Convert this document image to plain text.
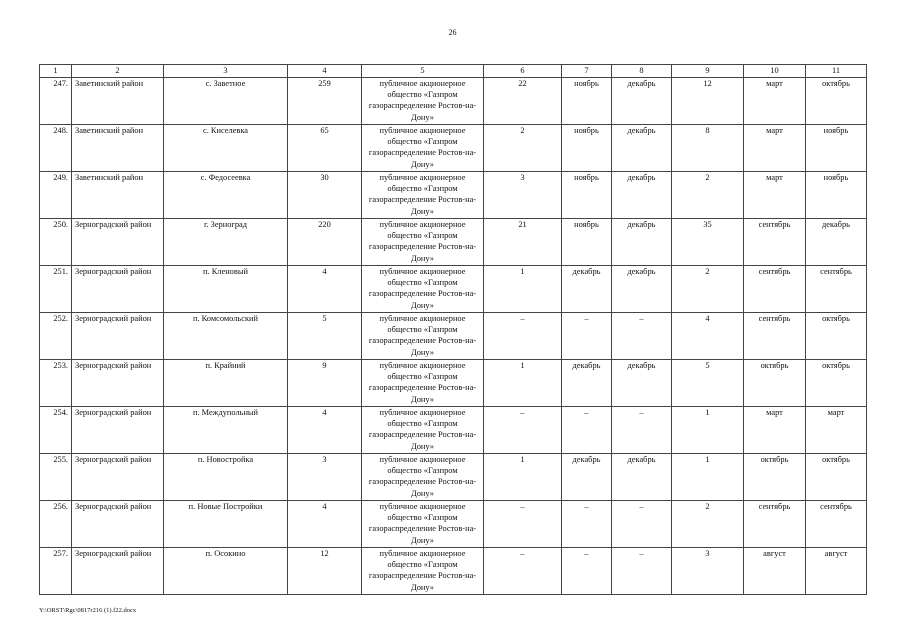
26
1	2	3	4	5	6	7	8	9	10	11
247.	Заветинский район	с. Заветное	259	публичное акционерное общество «Газпром газораспределение Ростов-на-Дону»	22	ноябрь	декабрь	12	март	октябрь
248.	Заветинский район	с. Киселевка	65	публичное акционерное общество «Газпром газораспределение Ростов-на-Дону»	2	ноябрь	декабрь	8	март	ноябрь
249.	Заветинский район	с. Федосеевка	30	публичное акционерное общество «Газпром газораспределение Ростов-на-Дону»	3	ноябрь	декабрь	2	март	ноябрь
250.	Зерноградский район	г. Зерноград	220	публичное акционерное общество «Газпром газораспределение Ростов-на-Дону»	21	ноябрь	декабрь	35	сентябрь	декабрь
251.	Зерноградский район	п. Кленовый	4	публичное акционерное общество «Газпром газораспределение Ростов-на-Дону»	1	декабрь	декабрь	2	сентябрь	сентябрь
252.	Зерноградский район	п. Комсомольский	5	публичное акционерное общество «Газпром газораспределение Ростов-на-Дону»	–	–	–	4	сентябрь	октябрь
253.	Зерноградский район	п. Крайний	9	публичное акционерное общество «Газпром газораспределение Ростов-на-Дону»	1	декабрь	декабрь	5	октябрь	октябрь
254.	Зерноградский район	п. Междупольный	4	публичное акционерное общество «Газпром газораспределение Ростов-на-Дону»	–	–	–	1	март	март
255.	Зерноградский район	п. Новостройка	3	публичное акционерное общество «Газпром газораспределение Ростов-на-Дону»	1	декабрь	декабрь	1	октябрь	октябрь
256.	Зерноградский район	п. Новые Постройки	4	публичное акционерное общество «Газпром газораспределение Ростов-на-Дону»	–	–	–	2	сентябрь	сентябрь
257.	Зерноградский район	п. Осокино	12	публичное акционерное общество «Газпром газораспределение Ростов-на-Дону»	–	–	–	3	август	август
Y:\ORST\Rgc\0817r216 (1).f22.docx
